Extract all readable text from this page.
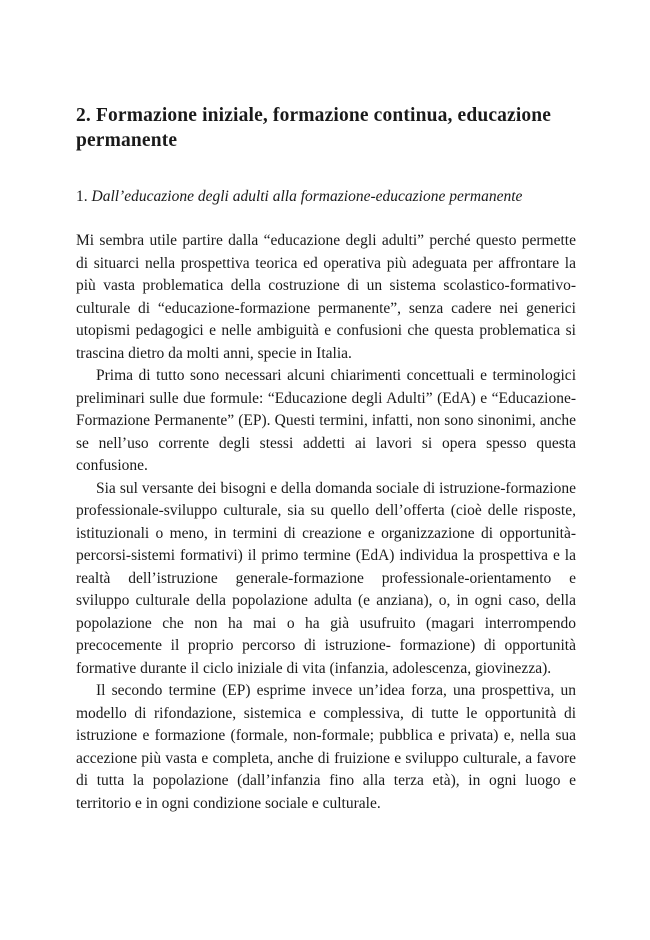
2. Formazione iniziale, formazione continua, educazione permanente
1. Dall’educazione degli adulti alla formazione-educazione permanente

Mi sembra utile partire dalla “educazione degli adulti” perché questo permette di situarci nella prospettiva teorica ed operativa più adeguata per affrontare la più vasta problematica della costruzione di un sistema scolastico-formativo-culturale di “educazione-formazione permanente”, senza cadere nei generici utopismi pedagogici e nelle ambiguità e confusioni che questa problematica si trascina dietro da molti anni, specie in Italia.

Prima di tutto sono necessari alcuni chiarimenti concettuali e terminologici preliminari sulle due formule: “Educazione degli Adulti” (EdA) e “Educazione-Formazione Permanente” (EP). Questi termini, infatti, non sono sinonimi, anche se nell’uso corrente degli stessi addetti ai lavori si opera spesso questa confusione.

Sia sul versante dei bisogni e della domanda sociale di istruzione-formazione professionale-sviluppo culturale, sia su quello dell’offerta (cioè delle risposte, istituzionali o meno, in termini di creazione e organizzazione di opportunità-percorsi-sistemi formativi) il primo termine (EdA) individua la prospettiva e la realtà dell’istruzione generale-formazione professionale-orientamento e sviluppo culturale della popolazione adulta (e anziana), o, in ogni caso, della popolazione che non ha mai o ha già usufruito (magari interrompendo precocemente il proprio percorso di istruzione- formazione) di opportunità formative durante il ciclo iniziale di vita (infanzia, adolescenza, giovinezza).

Il secondo termine (EP) esprime invece un’idea forza, una prospettiva, un modello di rifondazione, sistemica e complessiva, di tutte le opportunità di istruzione e formazione (formale, non-formale; pubblica e privata) e, nella sua accezione più vasta e completa, anche di fruizione e sviluppo culturale, a favore di tutta la popolazione (dall’infanzia fino alla terza età), in ogni luogo e territorio e in ogni condizione sociale e culturale.
